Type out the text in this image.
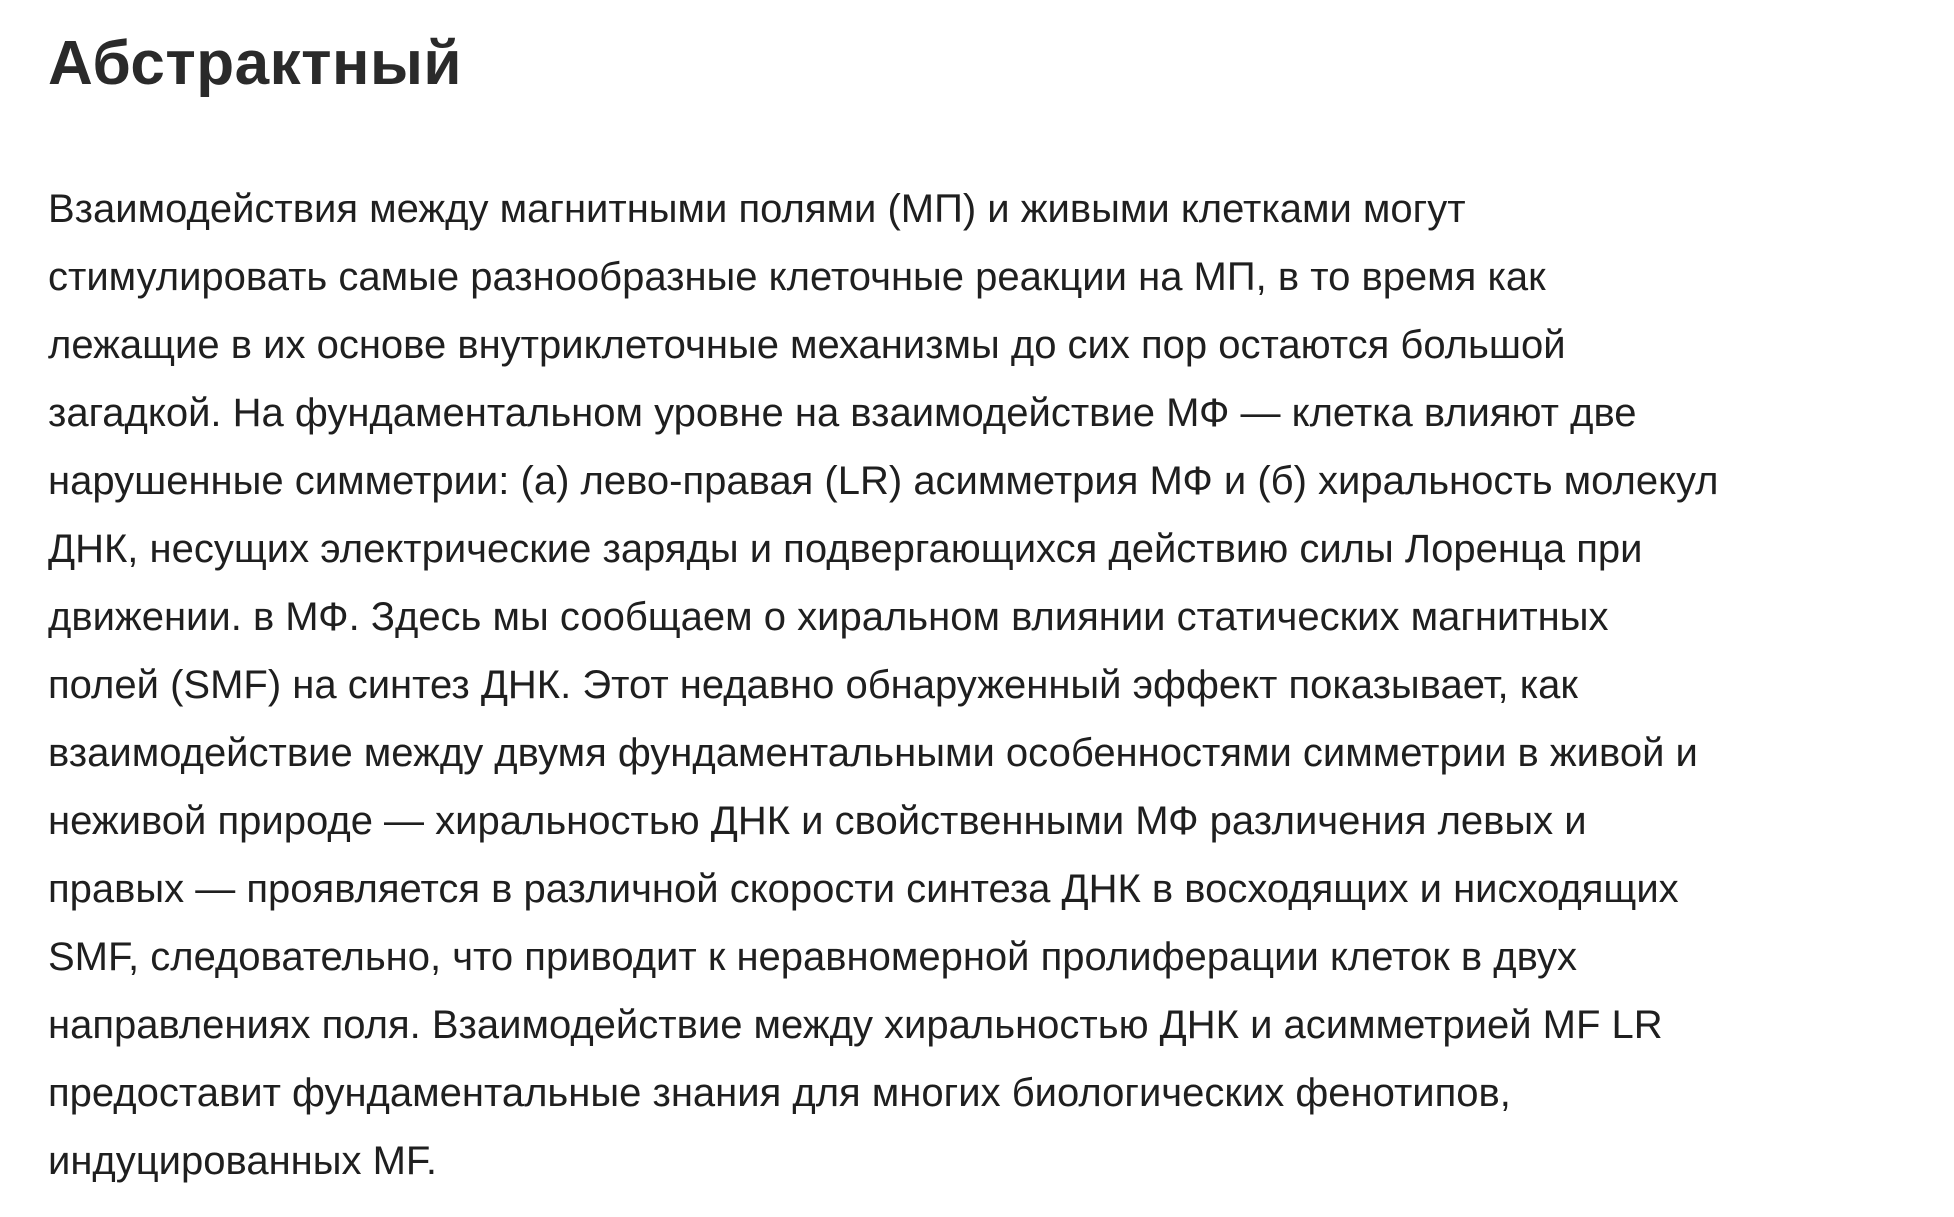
Абстрактный

Взаимодействия между магнитными полями (МП) и живыми клетками могут
стимулировать самые разнообразные клеточные реакции на МП, в то время как
лежащие в их основе внутриклеточные механизмы до сих пор остаются большой
загадкой. На фундаментальном уровне на взаимодействие МФ — клетка влияют две
нарушенные симметрии: (а) лево-правая (LR) асимметрия МФ и (б) хиральность молекул
ДНК, несущих электрические заряды и подвергающихся действию силы Лоренца при
движении. в МФ. Здесь мы сообщаем о хиральном влиянии статических магнитных
полей (SMF) на синтез ДНК. Этот недавно обнаруженный эффект показывает, как
взаимодействие между двумя фундаментальными особенностями симметрии в живой и
неживой природе — хиральностью ДНК и свойственными МФ различения левых и
правых — проявляется в различной скорости синтеза ДНК в восходящих и нисходящих
SMF, следовательно, что приводит к неравномерной пролиферации клеток в двух
направлениях поля. Взаимодействие между хиральностью ДНК и асимметрией MF LR
предоставит фундаментальные знания для многих биологических фенотипов,
индуцированных MF.
